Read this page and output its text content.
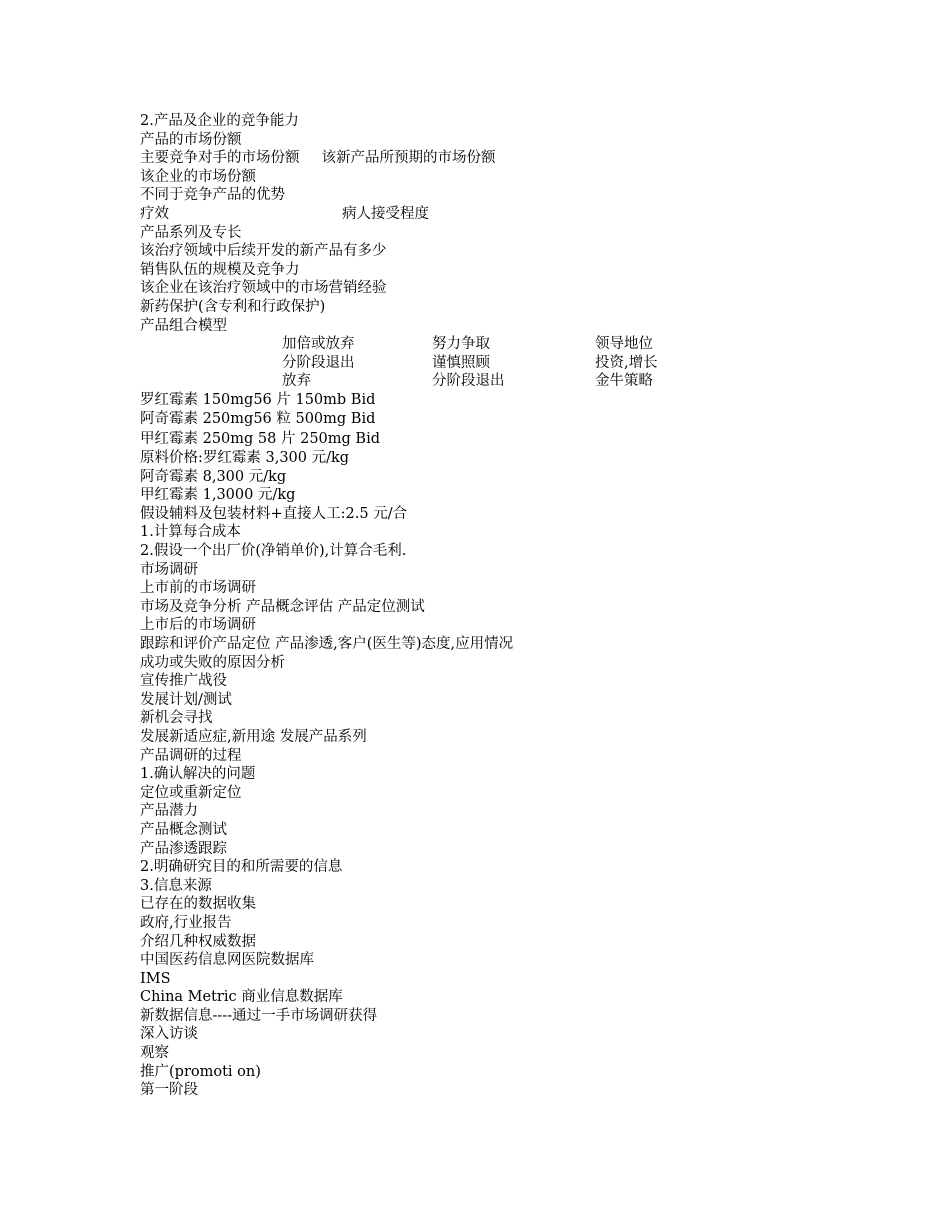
2.产品及企业的竞争能力
产品的市场份额
主要竞争对手的市场份额 该新产品所预期的市场份额
该企业的市场份额
不同于竞争产品的优势
疗效	病人接受程度
产品系列及专长
该治疗领域中后续开发的新产品有多少
销售队伍的规模及竞争力
该企业在该治疗领域中的市场营销经验
新药保护(含专利和行政保护)
产品组合模型
加倍或放弃	努力争取	领导地位
分阶段退出	谨慎照顾	投资,增长
放弃	分阶段退出	金牛策略
罗红霉素 150mg56 片 150mb Bid
阿奇霉素 250mg56 粒 500mg Bid
甲红霉素 250mg 58 片 250mg Bid
原料价格:罗红霉素 3,300 元/kg
阿奇霉素 8,300 元/kg
甲红霉素 1,3000 元/kg
假设辅料及包装材料+直接人工:2.5 元/合
1.计算每合成本
2.假设一个出厂价(净销单价),计算合毛利.
市场调研
上市前的市场调研
市场及竞争分析 产品概念评估 产品定位测试
上市后的市场调研
跟踪和评价产品定位 产品渗透,客户(医生等)态度,应用情况
成功或失败的原因分析
宣传推广战役
发展计划/测试
新机会寻找
发展新适应症,新用途 发展产品系列
产品调研的过程
1.确认解决的问题
定位或重新定位
产品潜力
产品概念测试
产品渗透跟踪
2.明确研究目的和所需要的信息
3.信息来源
已存在的数据收集
政府,行业报告
介绍几种权威数据
中国医药信息网医院数据库
IMS
China Metric 商业信息数据库
新数据信息----通过一手市场调研获得
深入访谈
观察
推广(promoti on)
第一阶段
